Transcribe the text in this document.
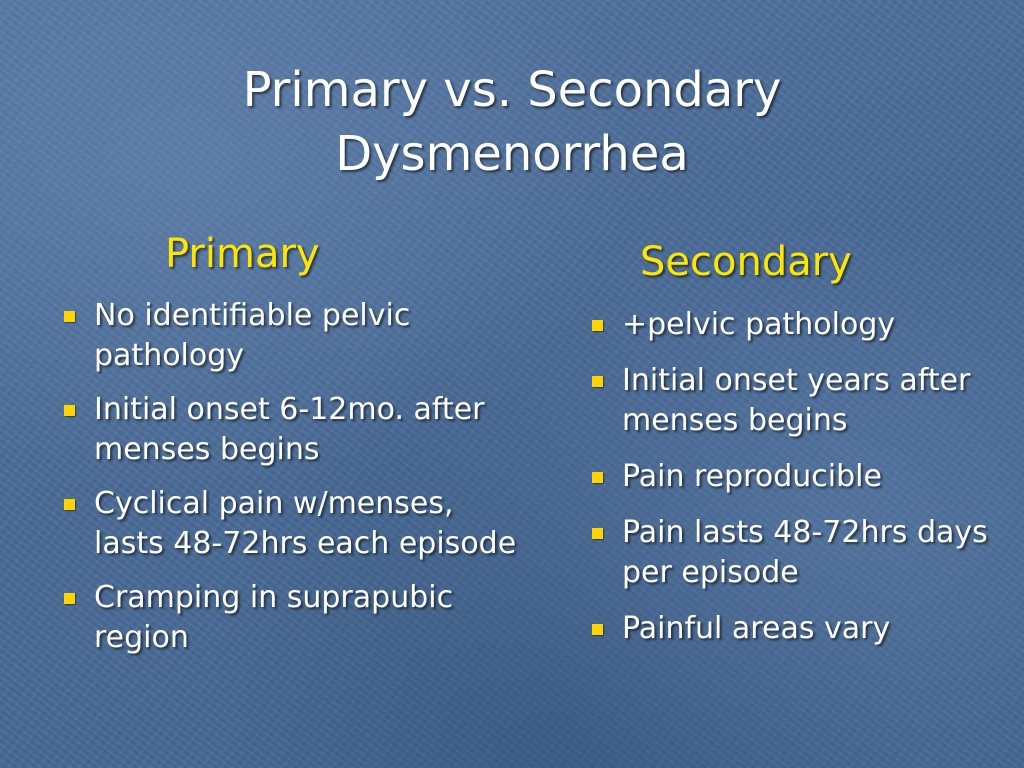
Primary vs. Secondary
Dysmenorrhea
Primary	Secondary
No identifiable pelvic pathology
Initial onset 6-12mo. after menses begins
Cyclical pain w/menses, lasts 48-72hrs each episode
Cramping in suprapubic region
+pelvic pathology
Initial onset years after menses begins
Pain reproducible
Pain lasts 48-72hrs days per episode
Painful areas vary
